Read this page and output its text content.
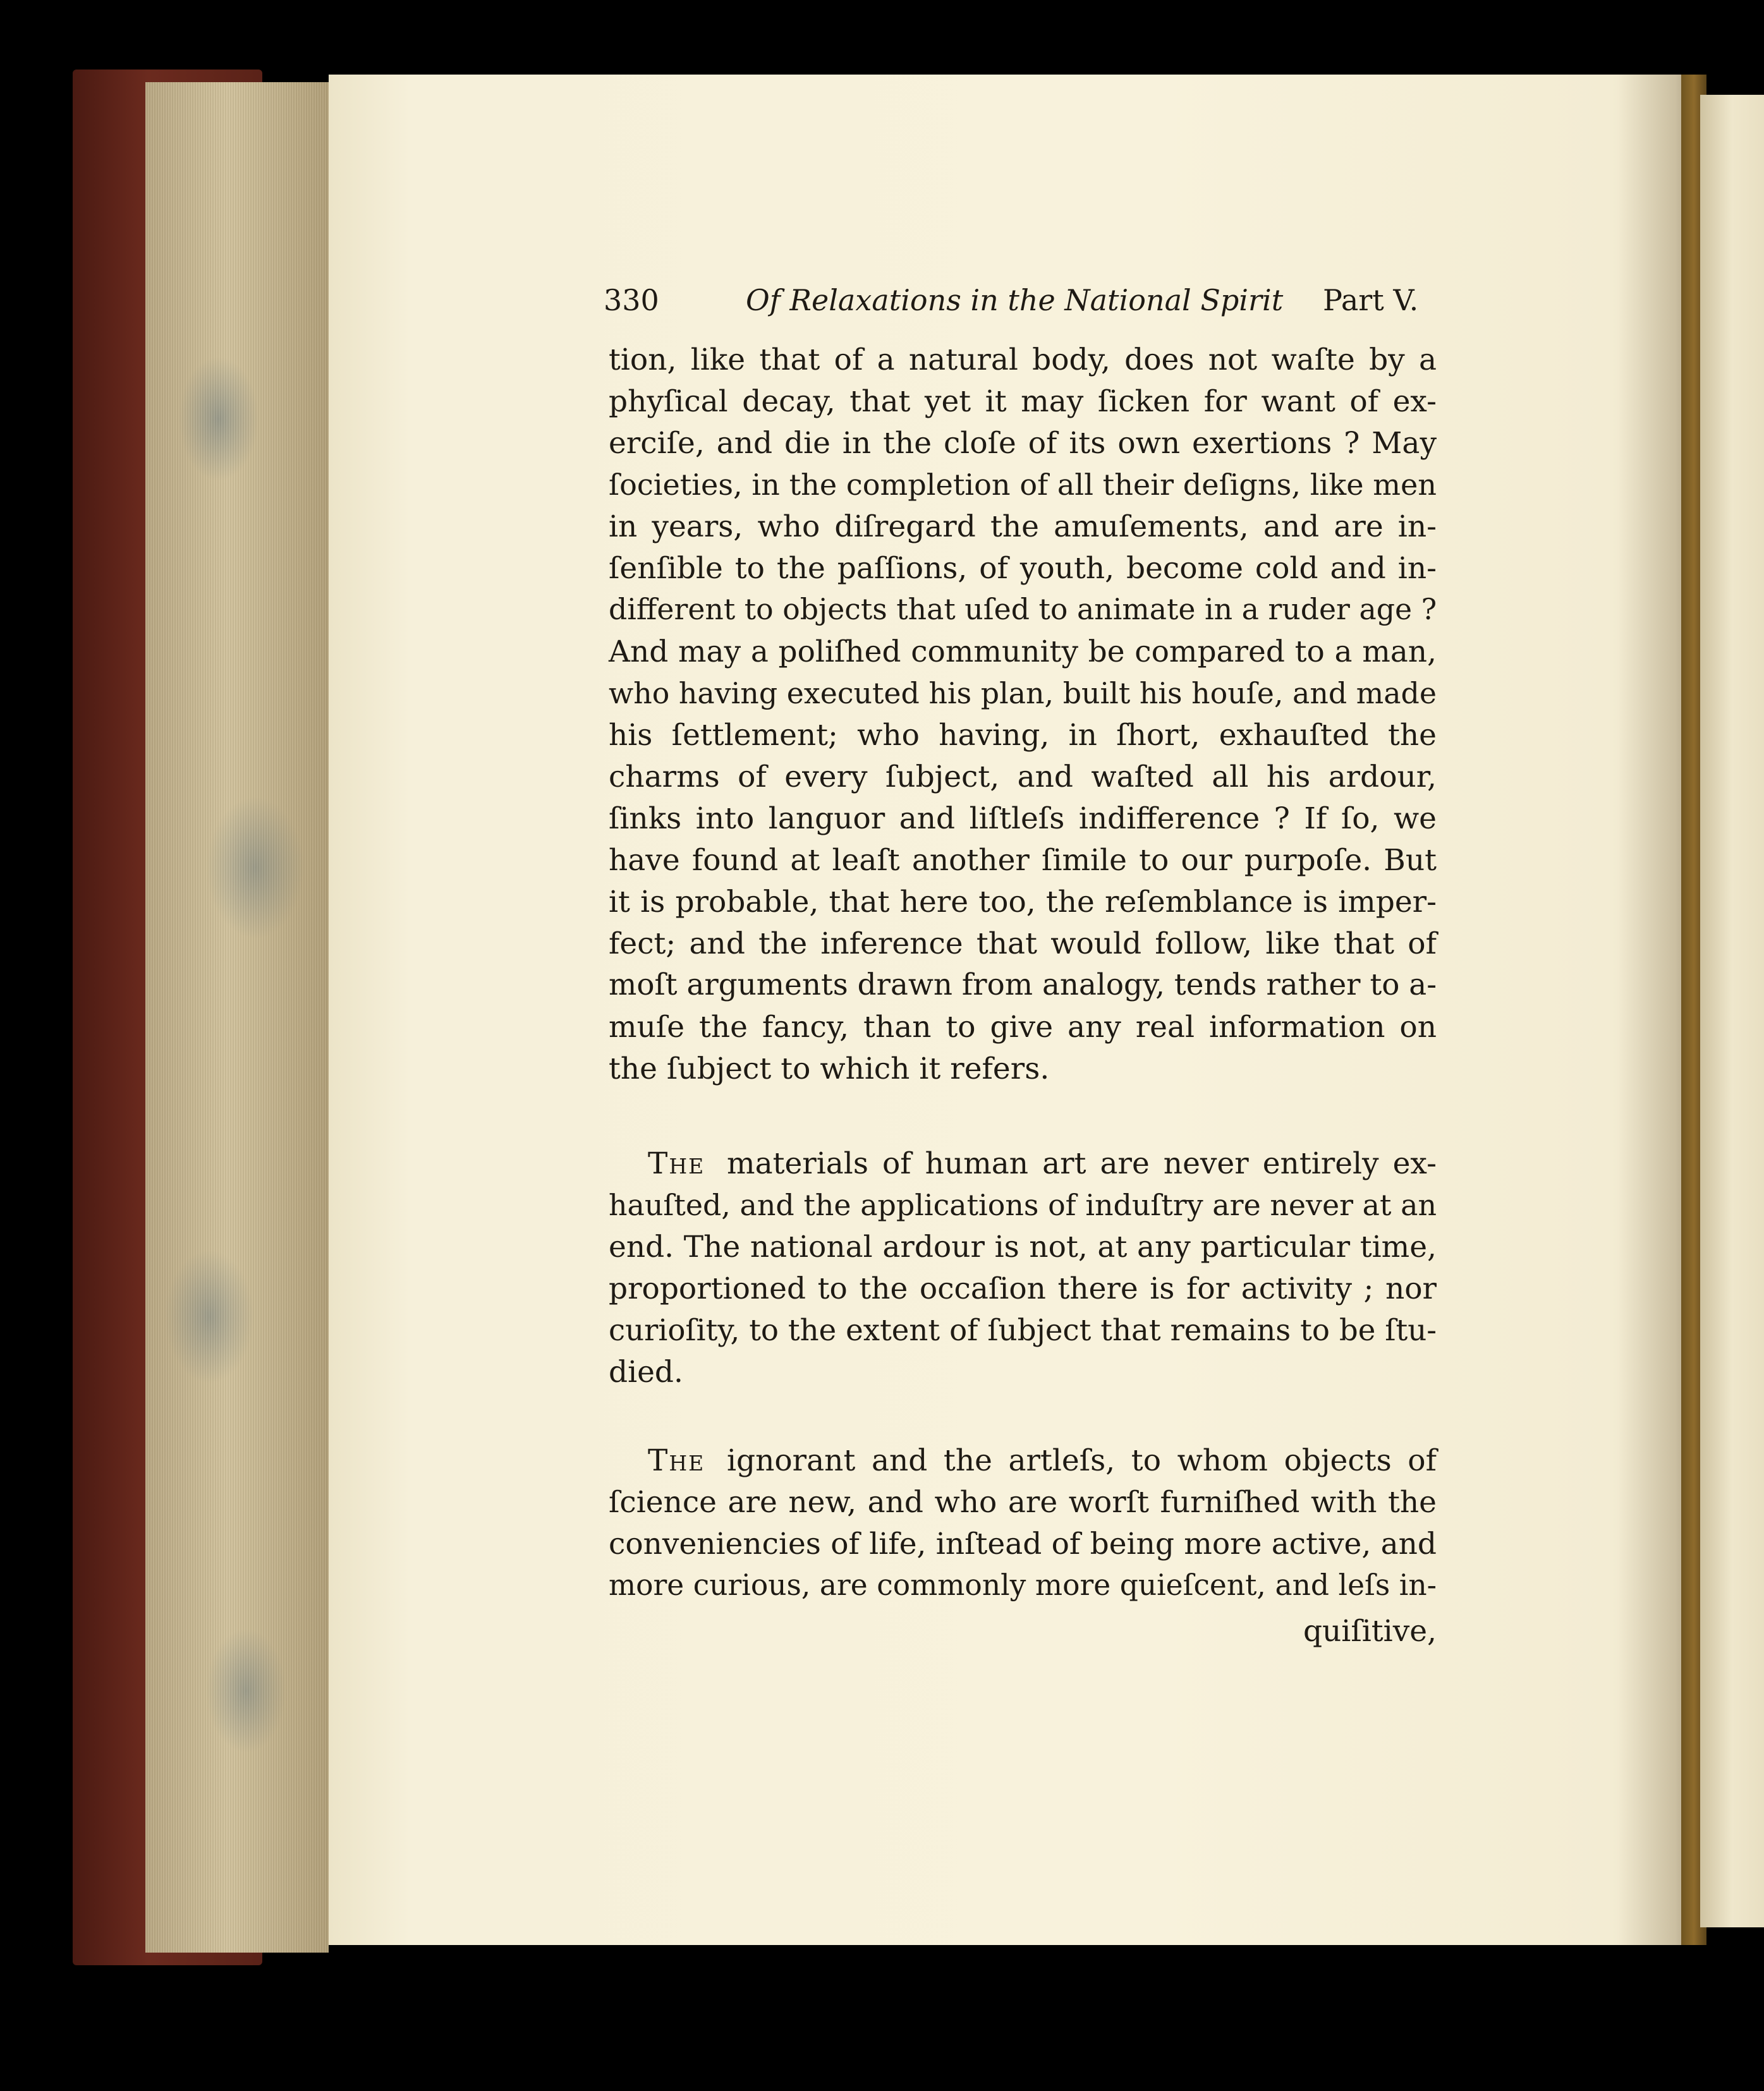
330	Of Relaxations in the National Spirit Part V.
tion, like that of a natural body, does not waſte by a
phyſical decay, that yet it may ſicken for want of ex-
erciſe, and die in the cloſe of its own exertions ? May
ſocieties, in the completion of all their deſigns, like men
in years, who diſregard the amuſements, and are in-
ſenſible to the paſſions, of youth, become cold and in-
different to objects that uſed to animate in a ruder age ?
And may a poliſhed community be compared to a man,
who having executed his plan, built his houſe, and made
his ſettlement; who having, in ſhort, exhauſted the
charms of every ſubject, and waſted all his ardour,
ſinks into languor and liſtleſs indifference ? If ſo, we
have found at leaſt another ſimile to our purpoſe. But
it is probable, that here too, the reſemblance is imper-
fect; and the inference that would follow, like that of
moſt arguments drawn from analogy, tends rather to a-
muſe the fancy, than to give any real information on
the ſubject to which it refers.
The materials of human art are never entirely ex-
hauſted, and the applications of induſtry are never at an
end. The national ardour is not, at any particular time,
proportioned to the occaſion there is for activity ; nor
curioſity, to the extent of ſubject that remains to be ſtu-
died.
The ignorant and the artleſs, to whom objects of
ſcience are new, and who are worſt furniſhed with the
conveniencies of life, inſtead of being more active, and
more curious, are commonly more quieſcent, and leſs in-
quiſitive,
